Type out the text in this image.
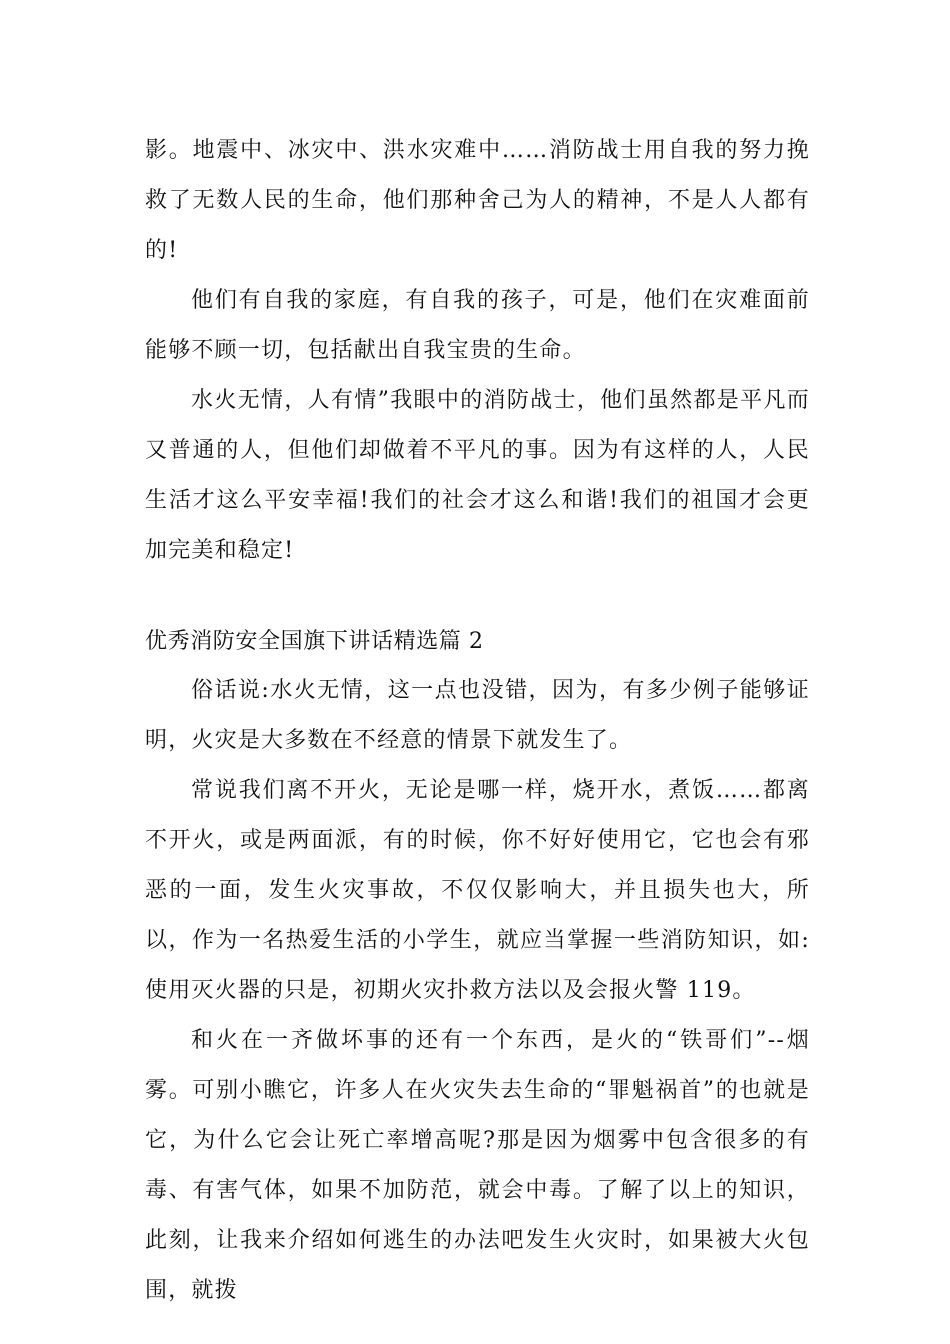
影。地震中、冰灾中、洪水灾难中……消防战士用自我的努力挽救了无数人民的生命，他们那种舍己为人的精神，不是人人都有的!

他们有自我的家庭，有自我的孩子，可是，他们在灾难面前能够不顾一切，包括献出自我宝贵的生命。

水火无情，人有情”我眼中的消防战士，他们虽然都是平凡而又普通的人，但他们却做着不平凡的事。因为有这样的人，人民生活才这么平安幸福!我们的社会才这么和谐!我们的祖国才会更加完美和稳定!

优秀消防安全国旗下讲话精选篇 2

俗话说:水火无情，这一点也没错，因为，有多少例子能够证明，火灾是大多数在不经意的情景下就发生了。

常说我们离不开火，无论是哪一样，烧开水，煮饭……都离不开火，或是两面派，有的时候，你不好好使用它，它也会有邪恶的一面，发生火灾事故，不仅仅影响大，并且损失也大，所以，作为一名热爱生活的小学生，就应当掌握一些消防知识，如:使用灭火器的只是，初期火灾扑救方法以及会报火警 119。

和火在一齐做坏事的还有一个东西，是火的“铁哥们”--烟雾。可别小瞧它，许多人在火灾失去生命的“罪魁祸首”的也就是它，为什么它会让死亡率增高呢?那是因为烟雾中包含很多的有毒、有害气体，如果不加防范，就会中毒。了解了以上的知识，此刻，让我来介绍如何逃生的办法吧发生火灾时，如果被大火包围，就拨
